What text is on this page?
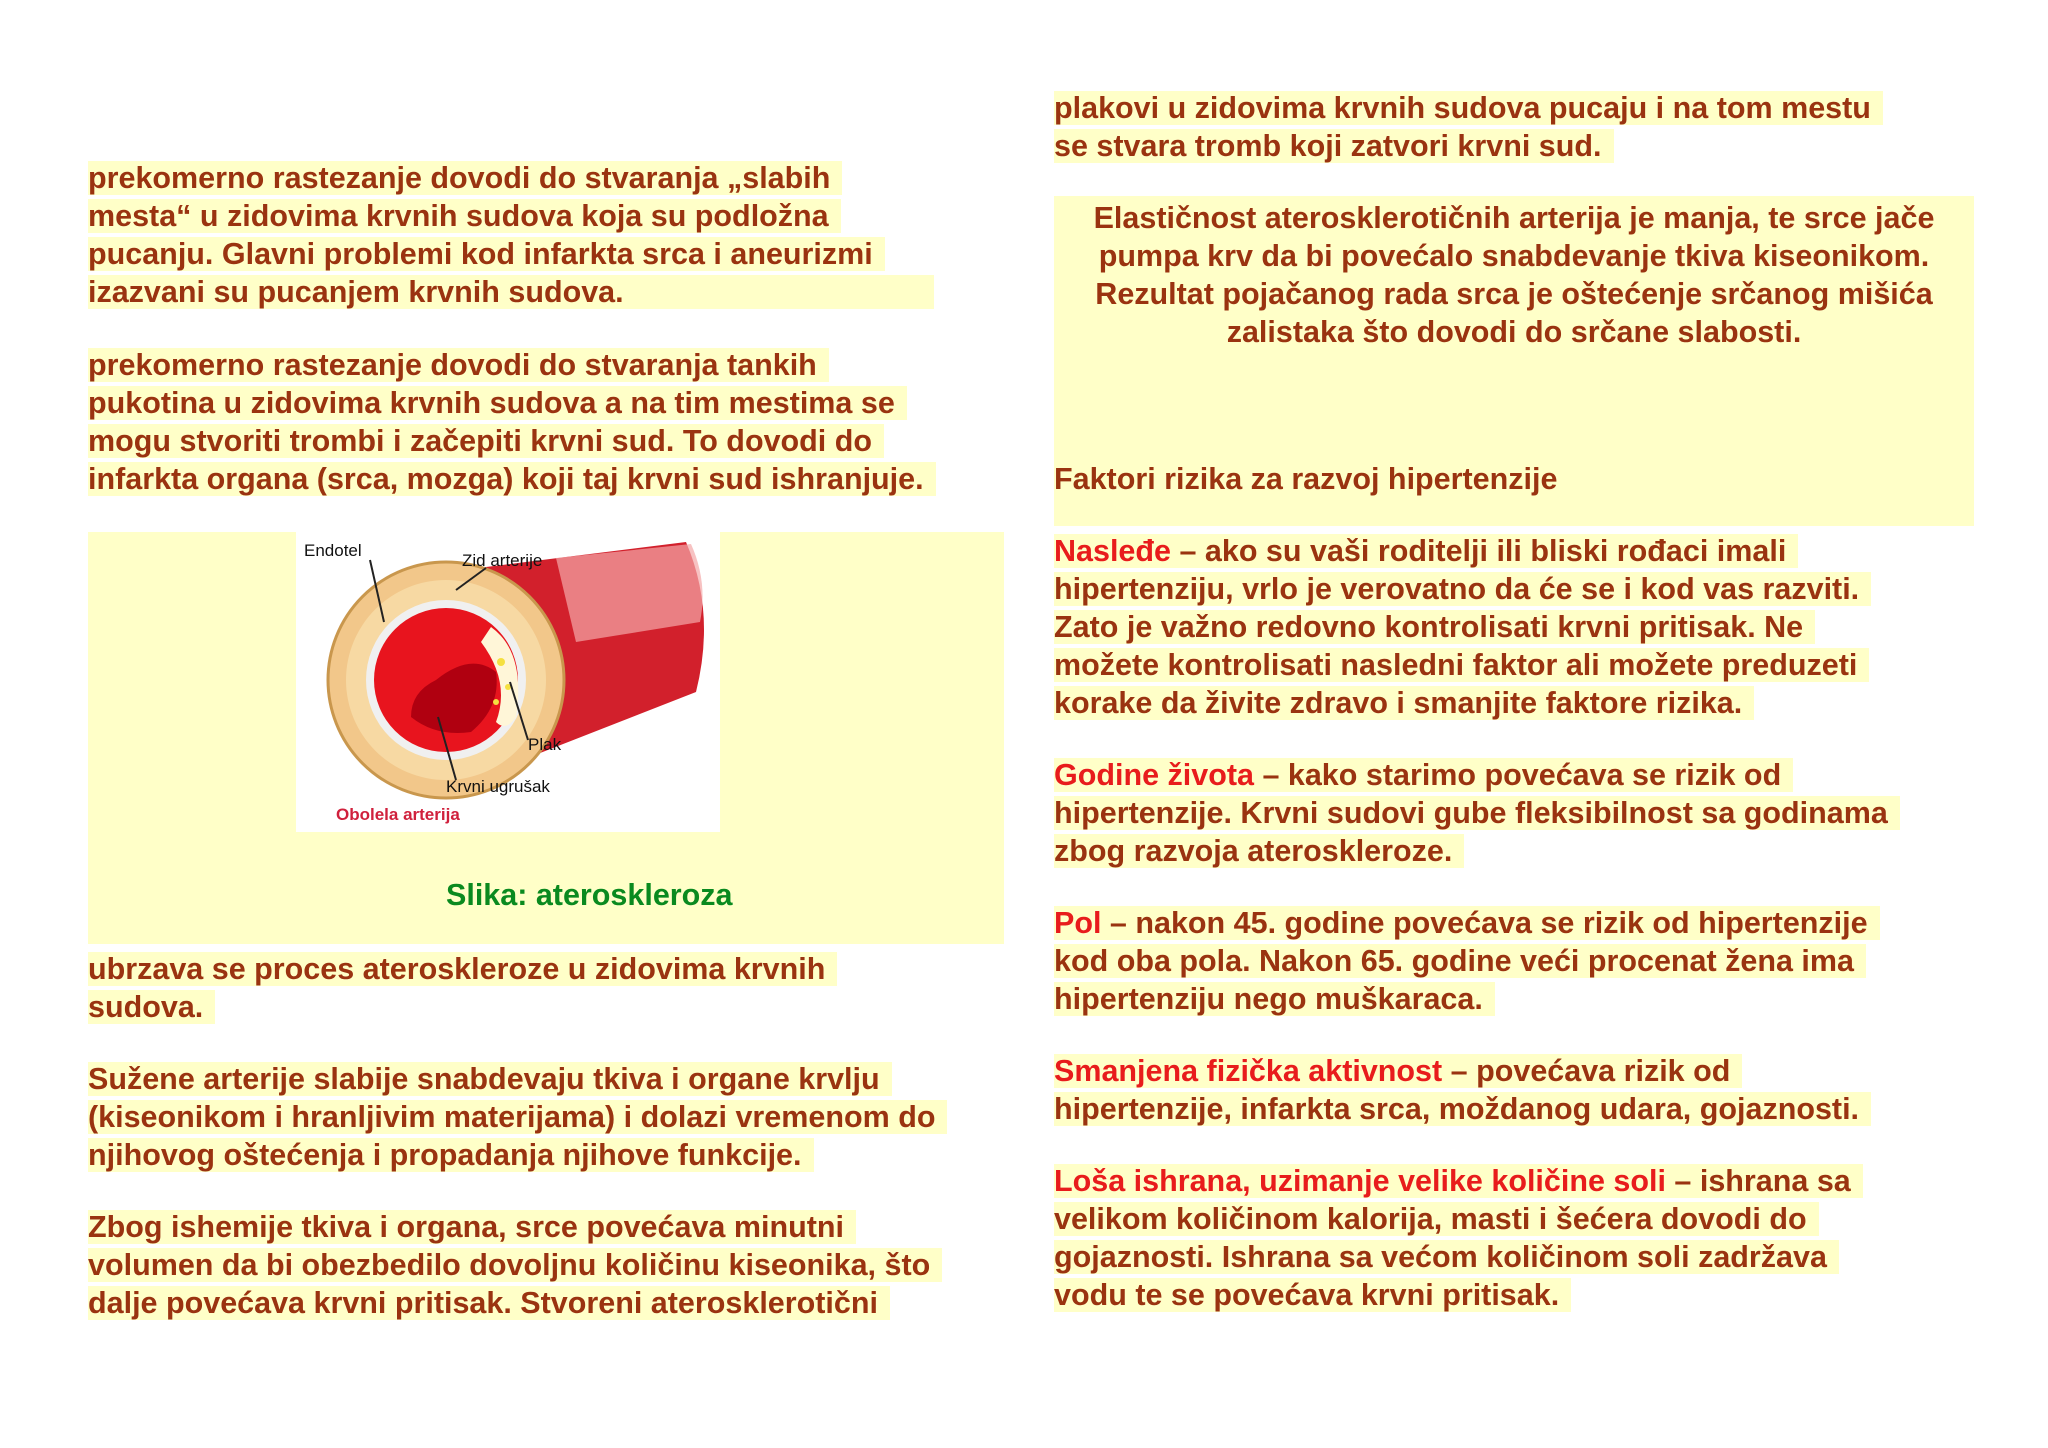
prekomerno rastezanje dovodi do stvaranja „slabih
mesta“ u zidovima krvnih sudova koja su podložna
pucanju. Glavni problemi kod infarkta srca i aneurizmi
izazvani su pucanjem krvnih sudova.
prekomerno rastezanje dovodi do stvaranja tankih
pukotina u zidovima krvnih sudova a na tim mestima se
mogu stvoriti trombi i začepiti krvni sud. To dovodi do
infarkta organa (srca, mozga) koji taj krvni sud ishranjuje.
Endotel
Zid arterije
Plak
Krvni ugrušak
Obolela arterija
Slika: ateroskleroza
ubrzava se proces ateroskleroze u zidovima krvnih
sudova.
Sužene arterije slabije snabdevaju tkiva i organe krvlju
(kiseonikom i hranljivim materijama) i dolazi vremenom do
njihovog oštećenja i propadanja njihove funkcije.
Zbog ishemije tkiva i organa, srce povećava minutni
volumen da bi obezbedilo dovoljnu količinu kiseonika, što
dalje povećava krvni pritisak. Stvoreni aterosklerotični
plakovi u zidovima krvnih sudova pucaju i na tom mestu
se stvara tromb koji zatvori krvni sud.
Elastičnost aterosklerotičnih arterija je manja, te srce jače
pumpa krv da bi povećalo snabdevanje tkiva kiseonikom.
Rezultat pojačanog rada srca je oštećenje srčanog mišića
zalistaka što dovodi do srčane slabosti.
Faktori rizika za razvoj hipertenzije
Nasleđe – ako su vaši roditelji ili bliski rođaci imali
hipertenziju, vrlo je verovatno da će se i kod vas razviti.
Zato je važno redovno kontrolisati krvni pritisak. Ne
možete kontrolisati nasledni faktor ali možete preduzeti
korake da živite zdravo i smanjite faktore rizika.
Godine života – kako starimo povećava se rizik od
hipertenzije. Krvni sudovi gube fleksibilnost sa godinama
zbog razvoja ateroskleroze.
Pol – nakon 45. godine povećava se rizik od hipertenzije
kod oba pola. Nakon 65. godine veći procenat žena ima
hipertenziju nego muškaraca.
Smanjena fizička aktivnost – povećava rizik od
hipertenzije, infarkta srca, moždanog udara, gojaznosti.
Loša ishrana, uzimanje velike količine soli – ishrana sa
velikom količinom kalorija, masti i šećera dovodi do
gojaznosti. Ishrana sa većom količinom soli zadržava
vodu te se povećava krvni pritisak.
